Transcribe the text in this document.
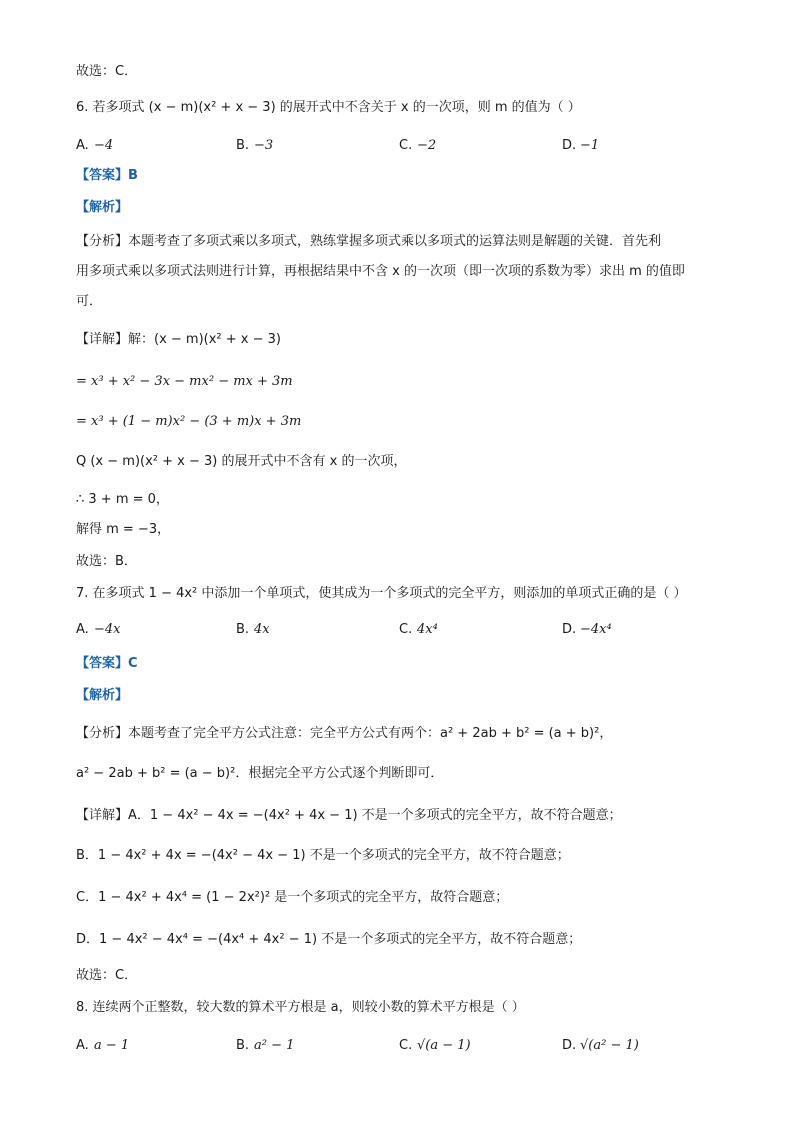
故选：C．
6. 若多项式 (x − m)(x² + x − 3) 的展开式中不含关于 x 的一次项，则 m 的值为（ ）
A. −4	B. −3	C. −2	D. −1
【答案】B
【解析】
【分析】本题考查了多项式乘以多项式，熟练掌握多项式乘以多项式的运算法则是解题的关键．首先利
用多项式乘以多项式法则进行计算，再根据结果中不含 x 的一次项（即一次项的系数为零）求出 m 的值即
可．
【详解】解：(x − m)(x² + x − 3)
= x³ + x² − 3x − mx² − mx + 3m
= x³ + (1 − m)x² − (3 + m)x + 3m
Q (x − m)(x² + x − 3) 的展开式中不含有 x 的一次项，
∴ 3 + m = 0，
解得 m = −3，
故选：B．
7. 在多项式 1 − 4x² 中添加一个单项式，使其成为一个多项式的完全平方，则添加的单项式正确的是（ ）
A. −4x	B. 4x	C. 4x⁴	D. −4x⁴
【答案】C
【解析】
【分析】本题考查了完全平方公式注意：完全平方公式有两个：a² + 2ab + b² = (a + b)²，
a² − 2ab + b² = (a − b)²．根据完全平方公式逐个判断即可．
【详解】A．1 − 4x² − 4x = −(4x² + 4x − 1) 不是一个多项式的完全平方，故不符合题意；
B．1 − 4x² + 4x = −(4x² − 4x − 1) 不是一个多项式的完全平方，故不符合题意；
C．1 − 4x² + 4x⁴ = (1 − 2x²)² 是一个多项式的完全平方，故符合题意；
D．1 − 4x² − 4x⁴ = −(4x⁴ + 4x² − 1) 不是一个多项式的完全平方，故不符合题意；
故选：C．
8. 连续两个正整数，较大数的算术平方根是 a，则较小数的算术平方根是（ ）
A. a − 1	B. a² − 1	C. √(a − 1)	D. √(a² − 1)
